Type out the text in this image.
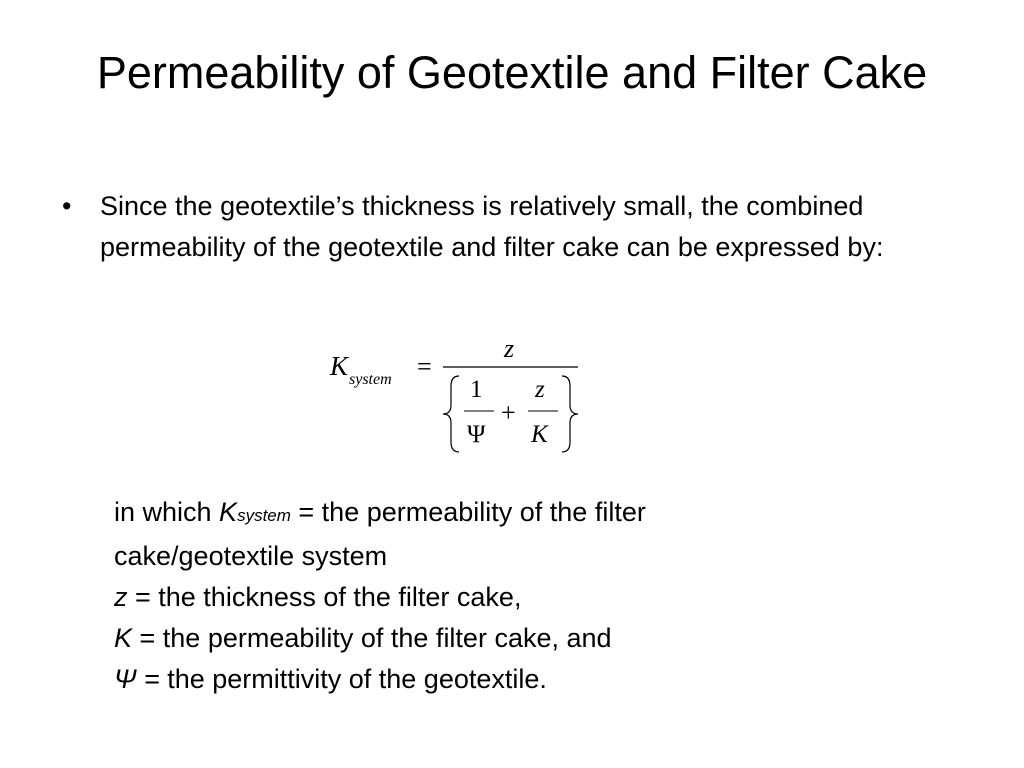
Permeability of Geotextile and Filter Cake
• Since the geotextile’s thickness is relatively small, the combined permeability of the geotextile and filter cake can be expressed by:
K system =
z
1
Ψ
+
z
K
in which Ksystem = the permeability of the filter
cake/geotextile system
z = the thickness of the filter cake,
K = the permeability of the filter cake, and
Ψ = the permittivity of the geotextile.
